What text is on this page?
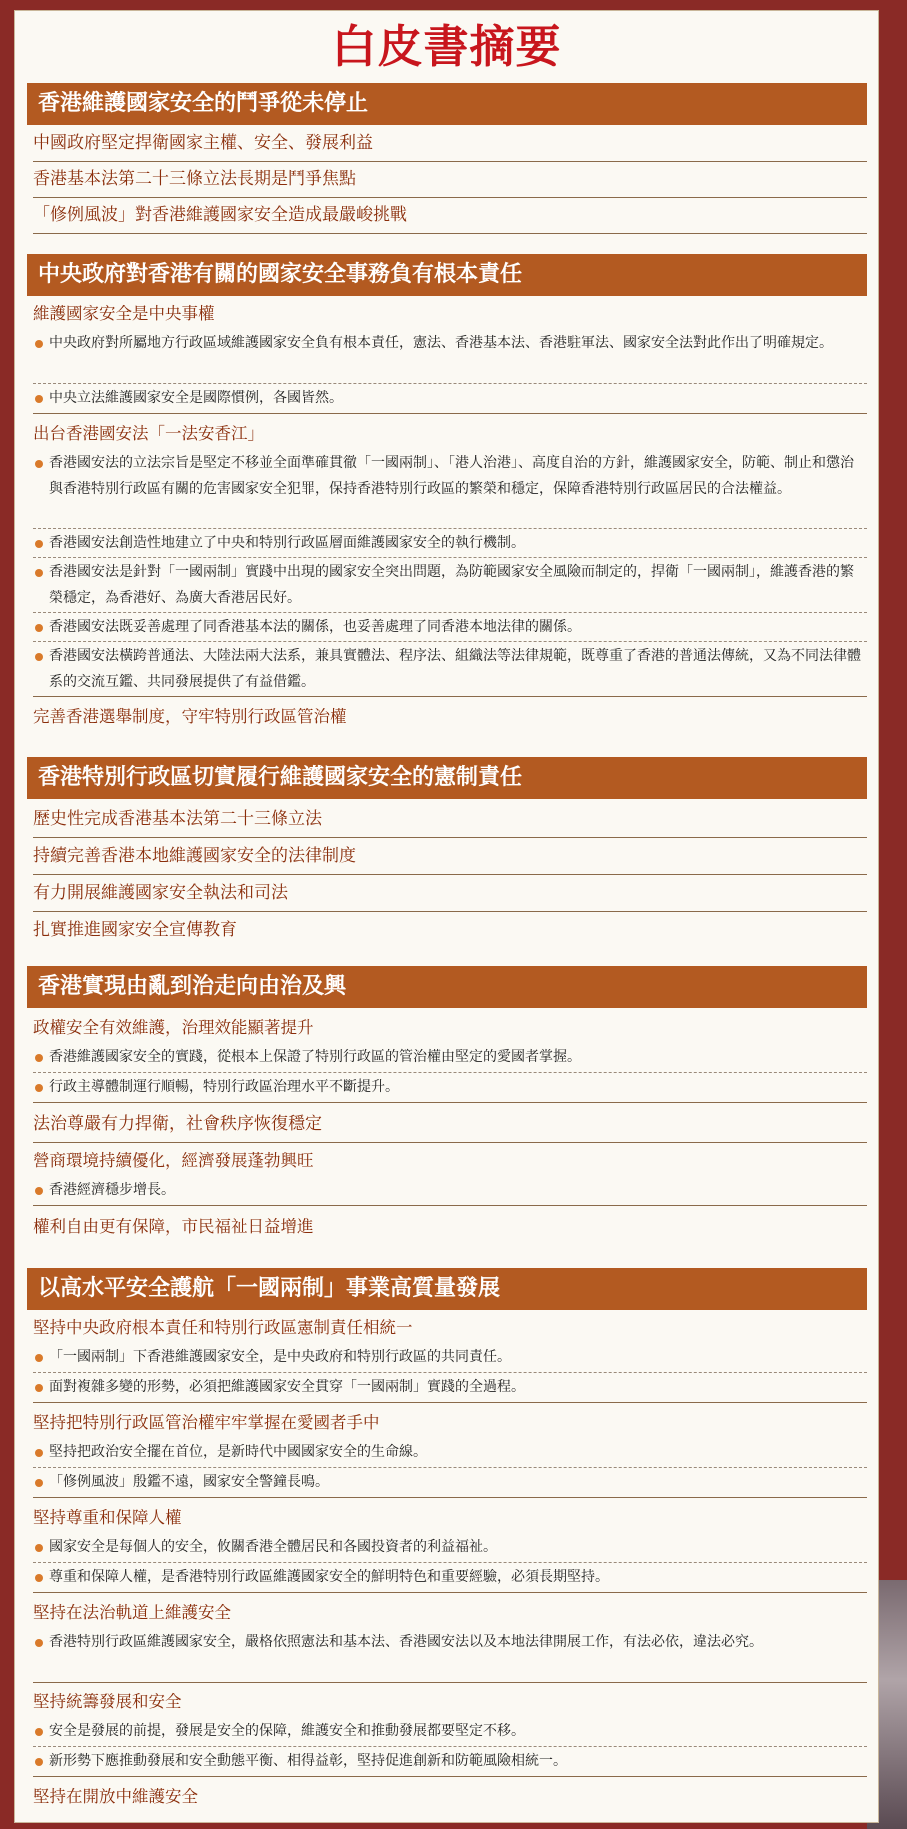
白皮書摘要
香港維護國家安全的鬥爭從未停止
中國政府堅定捍衛國家主權、安全、發展利益
香港基本法第二十三條立法長期是鬥爭焦點
「修例風波」對香港維護國家安全造成最嚴峻挑戰
中央政府對香港有關的國家安全事務負有根本責任
維護國家安全是中央事權
中央政府對所屬地方行政區域維護國家安全負有根本責任，憲法、香港基本法、香港駐軍法、國家安全法對此作出了明確規定。
中央立法維護國家安全是國際慣例，各國皆然。
出台香港國安法「一法安香江」
香港國安法的立法宗旨是堅定不移並全面準確貫徹「一國兩制」、「港人治港」、高度自治的方針，維護國家安全，防範、制止和懲治與香港特別行政區有關的危害國家安全犯罪，保持香港特別行政區的繁榮和穩定，保障香港特別行政區居民的合法權益。
香港國安法創造性地建立了中央和特別行政區層面維護國家安全的執行機制。
香港國安法是針對「一國兩制」實踐中出現的國家安全突出問題，為防範國家安全風險而制定的，捍衛「一國兩制」，維護香港的繁榮穩定，為香港好、為廣大香港居民好。
香港國安法既妥善處理了同香港基本法的關係，也妥善處理了同香港本地法律的關係。
香港國安法橫跨普通法、大陸法兩大法系，兼具實體法、程序法、組織法等法律規範，既尊重了香港的普通法傳統，又為不同法律體系的交流互鑑、共同發展提供了有益借鑑。
完善香港選舉制度，守牢特別行政區管治權
香港特別行政區切實履行維護國家安全的憲制責任
歷史性完成香港基本法第二十三條立法
持續完善香港本地維護國家安全的法律制度
有力開展維護國家安全執法和司法
扎實推進國家安全宣傳教育
香港實現由亂到治走向由治及興
政權安全有效維護，治理效能顯著提升
香港維護國家安全的實踐，從根本上保證了特別行政區的管治權由堅定的愛國者掌握。
行政主導體制運行順暢，特別行政區治理水平不斷提升。
法治尊嚴有力捍衛，社會秩序恢復穩定
營商環境持續優化，經濟發展蓬勃興旺
香港經濟穩步增長。
權利自由更有保障，市民福祉日益增進
以高水平安全護航「一國兩制」事業高質量發展
堅持中央政府根本責任和特別行政區憲制責任相統一
「一國兩制」下香港維護國家安全，是中央政府和特別行政區的共同責任。
面對複雜多變的形勢，必須把維護國家安全貫穿「一國兩制」實踐的全過程。
堅持把特別行政區管治權牢牢掌握在愛國者手中
堅持把政治安全擺在首位，是新時代中國國家安全的生命線。
「修例風波」殷鑑不遠，國家安全警鐘長鳴。
堅持尊重和保障人權
國家安全是每個人的安全，攸關香港全體居民和各國投資者的利益福祉。
尊重和保障人權，是香港特別行政區維護國家安全的鮮明特色和重要經驗，必須長期堅持。
堅持在法治軌道上維護安全
香港特別行政區維護國家安全，嚴格依照憲法和基本法、香港國安法以及本地法律開展工作，有法必依，違法必究。
堅持統籌發展和安全
安全是發展的前提，發展是安全的保障，維護安全和推動發展都要堅定不移。
新形勢下應推動發展和安全動態平衡、相得益彰，堅持促進創新和防範風險相統一。
堅持在開放中維護安全
